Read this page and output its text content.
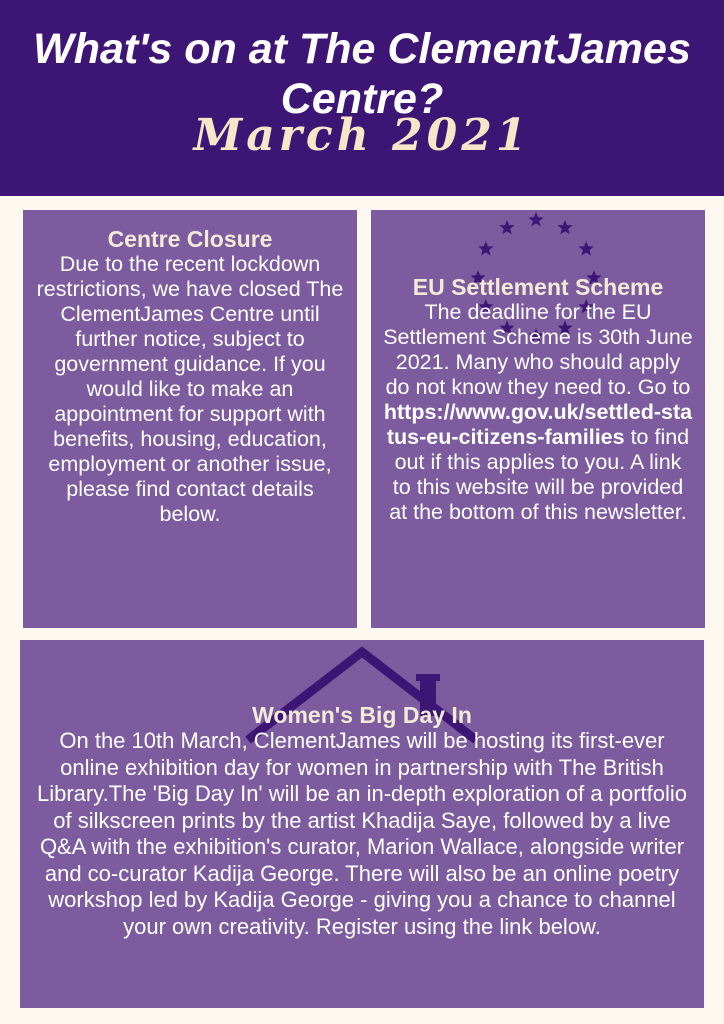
What's on at The ClementJames Centre?
March 2021
Centre Closure
Due to the recent lockdown restrictions, we have closed The ClementJames Centre until further notice, subject to government guidance. If you would like to make an appointment for support with benefits, housing, education, employment or another issue, please find contact details below.
EU Settlement Scheme
The deadline for the EU Settlement Scheme is 30th June 2021. Many who should apply do not know they need to. Go to https://www.gov.uk/settled-status-eu-citizens-families to find out if this applies to you. A link to this website will be provided at the bottom of this newsletter.
Women's Big Day In
On the 10th March, ClementJames will be hosting its first-ever online exhibition day for women in partnership with The British Library.The 'Big Day In' will be an in-depth exploration of a portfolio of silkscreen prints by the artist Khadija Saye, followed by a live Q&A with the exhibition's curator, Marion Wallace, alongside writer and co-curator Kadija George. There will also be an online poetry workshop led by Kadija George - giving you a chance to channel your own creativity. Register using the link below.
